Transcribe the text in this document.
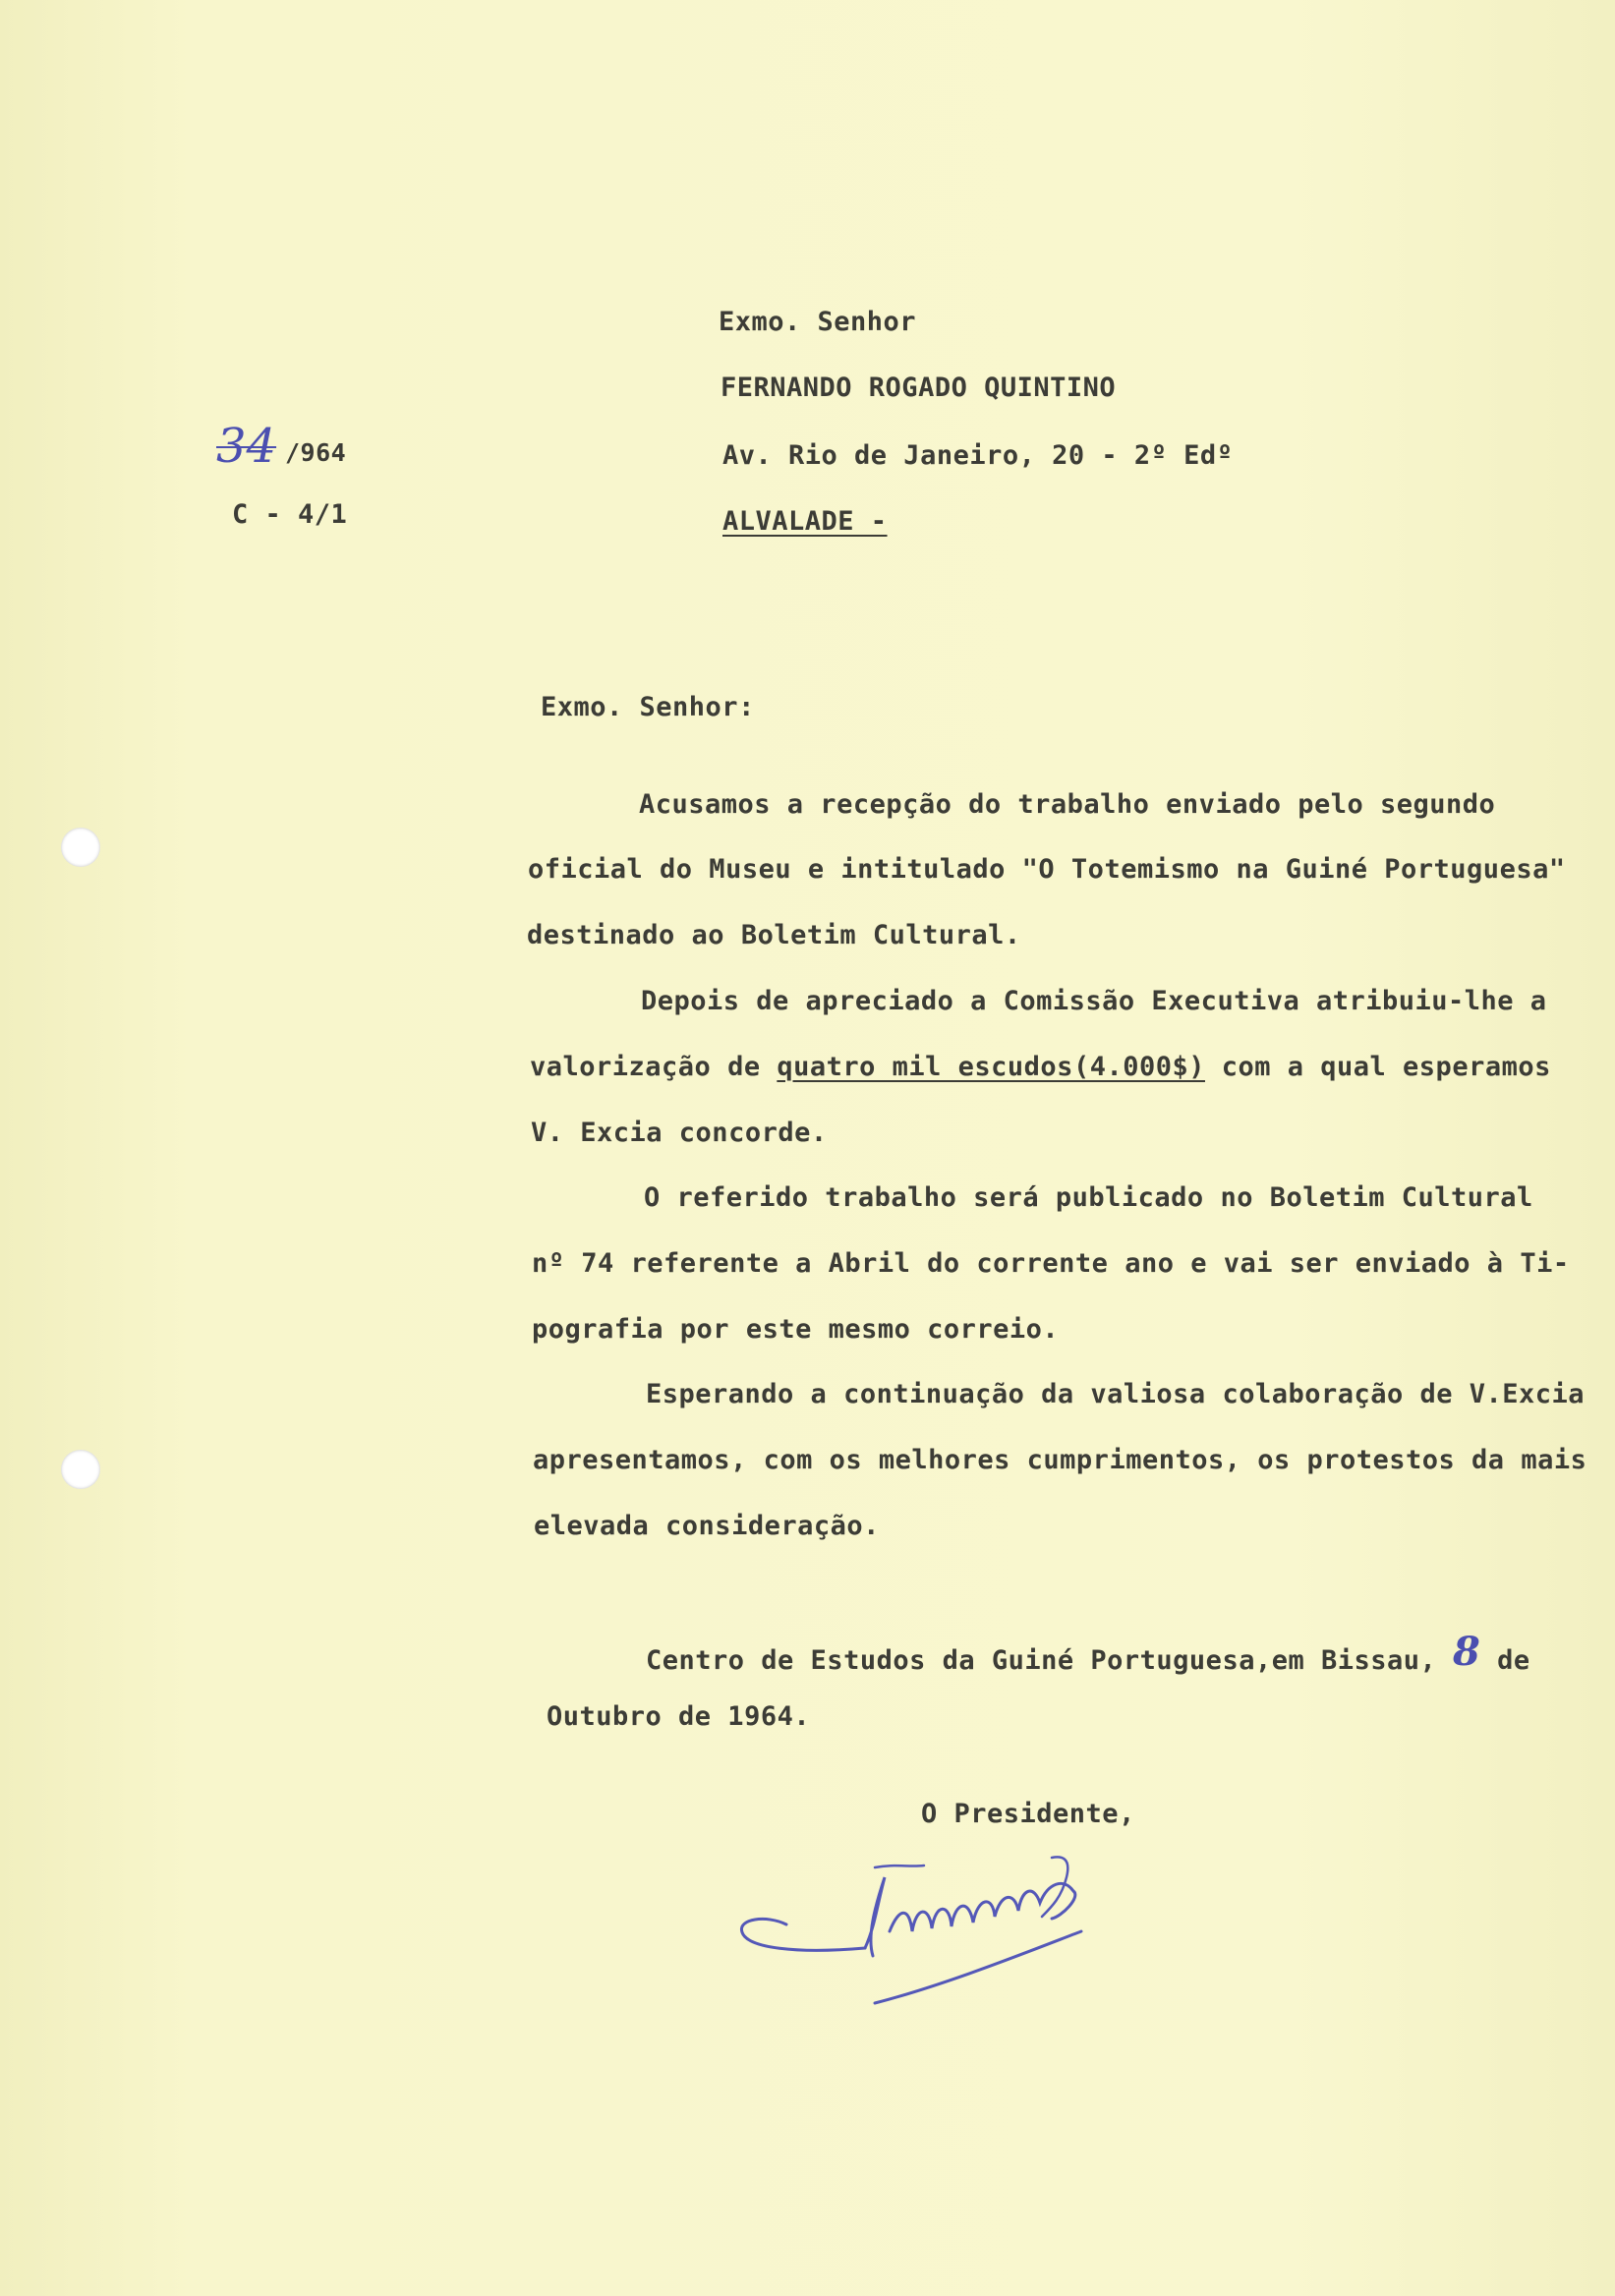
34 /964
C - 4/1
Exmo. Senhor
FERNANDO ROGADO QUINTINO
Av. Rio de Janeiro, 20 - 2º Edº
ALVALADE -
Exmo. Senhor:
Acusamos a recepção do trabalho enviado pelo segundo
oficial do Museu e intitulado "O Totemismo na Guiné Portuguesa"
destinado ao Boletim Cultural.
Depois de apreciado a Comissão Executiva atribuiu-lhe a
valorização de quatro mil escudos(4.000$) com a qual esperamos
V. Excia concorde.
O referido trabalho será publicado no Boletim Cultural
nº 74 referente a Abril do corrente ano e vai ser enviado à Ti-
pografia por este mesmo correio.
Esperando a continuação da valiosa colaboração de V.Excia
apresentamos, com os melhores cumprimentos, os protestos da mais
elevada consideração.
Centro de Estudos da Guiné Portuguesa,em Bissau, 8 de
Outubro de 1964.
O Presidente,
